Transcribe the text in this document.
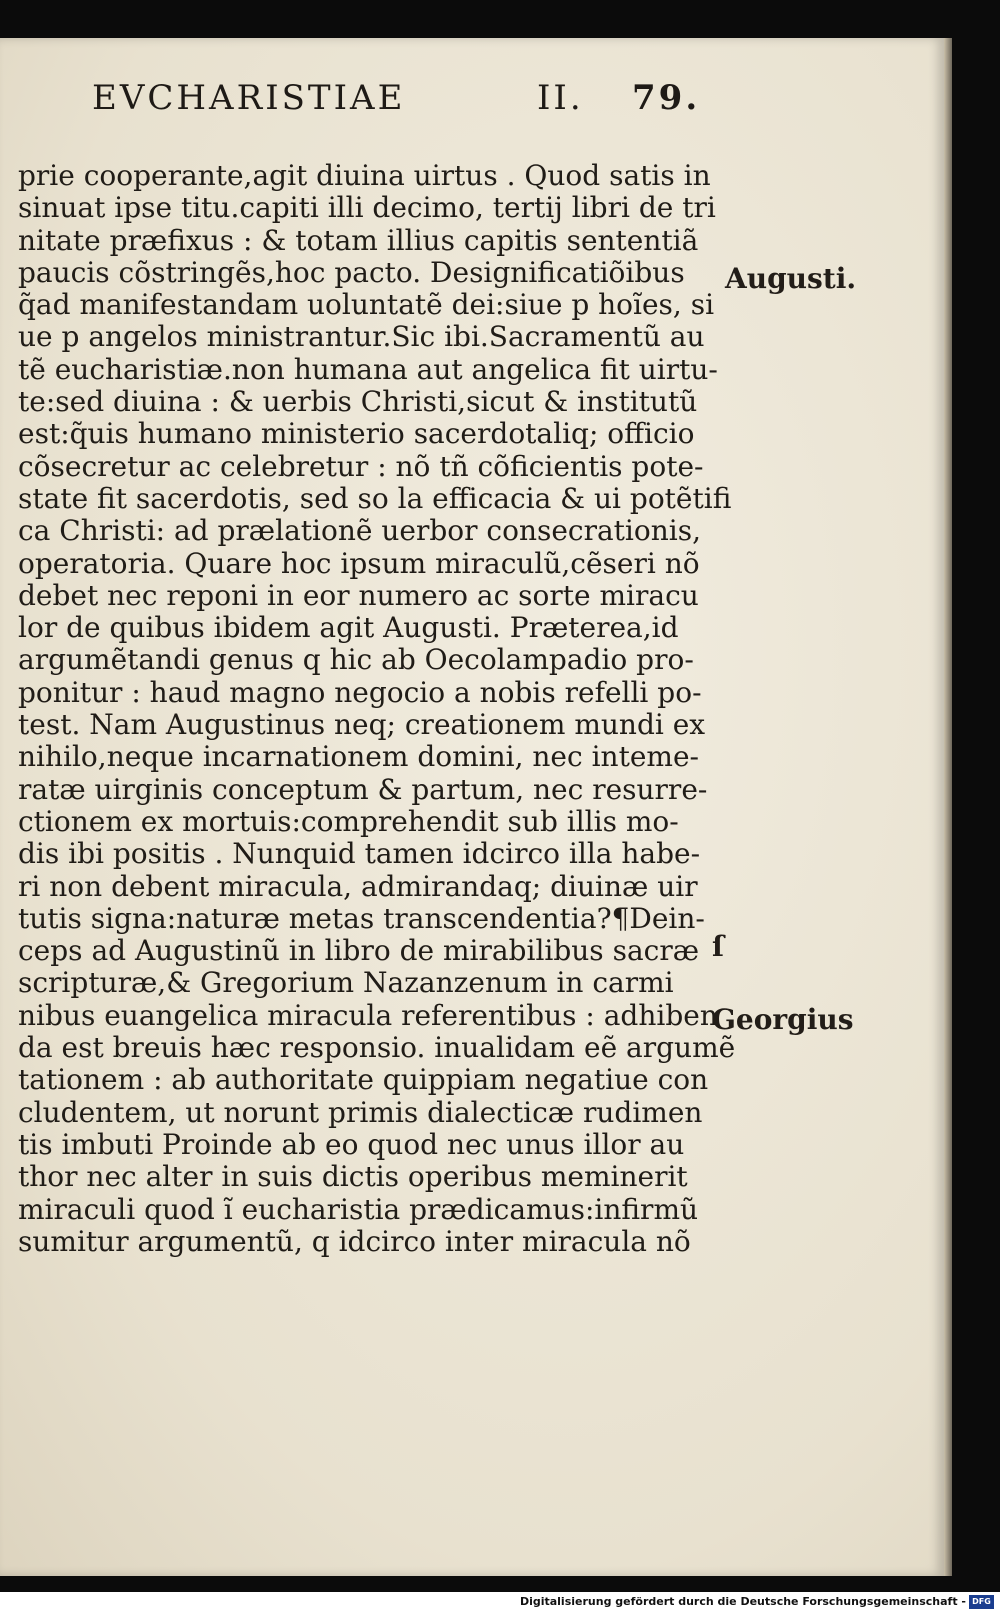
EVCHARISTIAE	II. 79.
prie cooperante,agit diuina uirtus . Quod satis in
sinuat ipse titu.capiti illi decimo, tertij libri de tri
nitate præfixus : & totam illius capitis sententiã
paucis cõstringẽs,hoc pacto. Designificatiõibus
q̃ad manifestandam uoluntatẽ dei:siue p hoĩes, si
ue p angelos ministrantur.Sic ibi.Sacramentũ au
tẽ eucharistiæ.non humana aut angelica fit uirtu-
te:sed diuina : & uerbis Christi,sicut & institutũ
est:q̃uis humano ministerio sacerdotaliq; officio
cõsecretur ac celebretur : nõ tñ cõficientis pote-
state fit sacerdotis, sed so la efficacia & ui potẽtifi
ca Christi: ad prælationẽ uerbor consecrationis,
operatoria. Quare hoc ipsum miraculũ,cẽseri nõ
debet nec reponi in eor numero ac sorte miracu
lor de quibus ibidem agit Augusti. Præterea,id
argumẽtandi genus q hic ab Oecolampadio pro-
ponitur : haud magno negocio a nobis refelli po-
test. Nam Augustinus neq; creationem mundi ex
nihilo,neque incarnationem domini, nec inteme-
ratæ uirginis conceptum & partum, nec resurre-
ctionem ex mortuis:comprehendit sub illis mo-
dis ibi positis . Nunquid tamen idcirco illa habe-
ri non debent miracula, admirandaq; diuinæ uir
tutis signa:naturæ metas transcendentia?¶Dein-
ceps ad Augustinũ in libro de mirabilibus sacræ
scripturæ,& Gregorium Nazanzenum in carmi
nibus euangelica miracula referentibus : adhiben
da est breuis hæc responsio. inualidam eẽ argumẽ
tationem : ab authoritate quippiam negatiue con
cludentem, ut norunt primis dialecticæ rudimen
tis imbuti Proinde ab eo quod nec unus illor au
thor nec alter in suis dictis operibus meminerit
miraculi quod ĩ eucharistia prædicamus:infirmũ
sumitur argumentũ, q idcirco inter miracula nõ
Augusti.
ſ
Georgius
Digitalisierung gefördert durch die Deutsche Forschungsgemeinschaft - DFG
